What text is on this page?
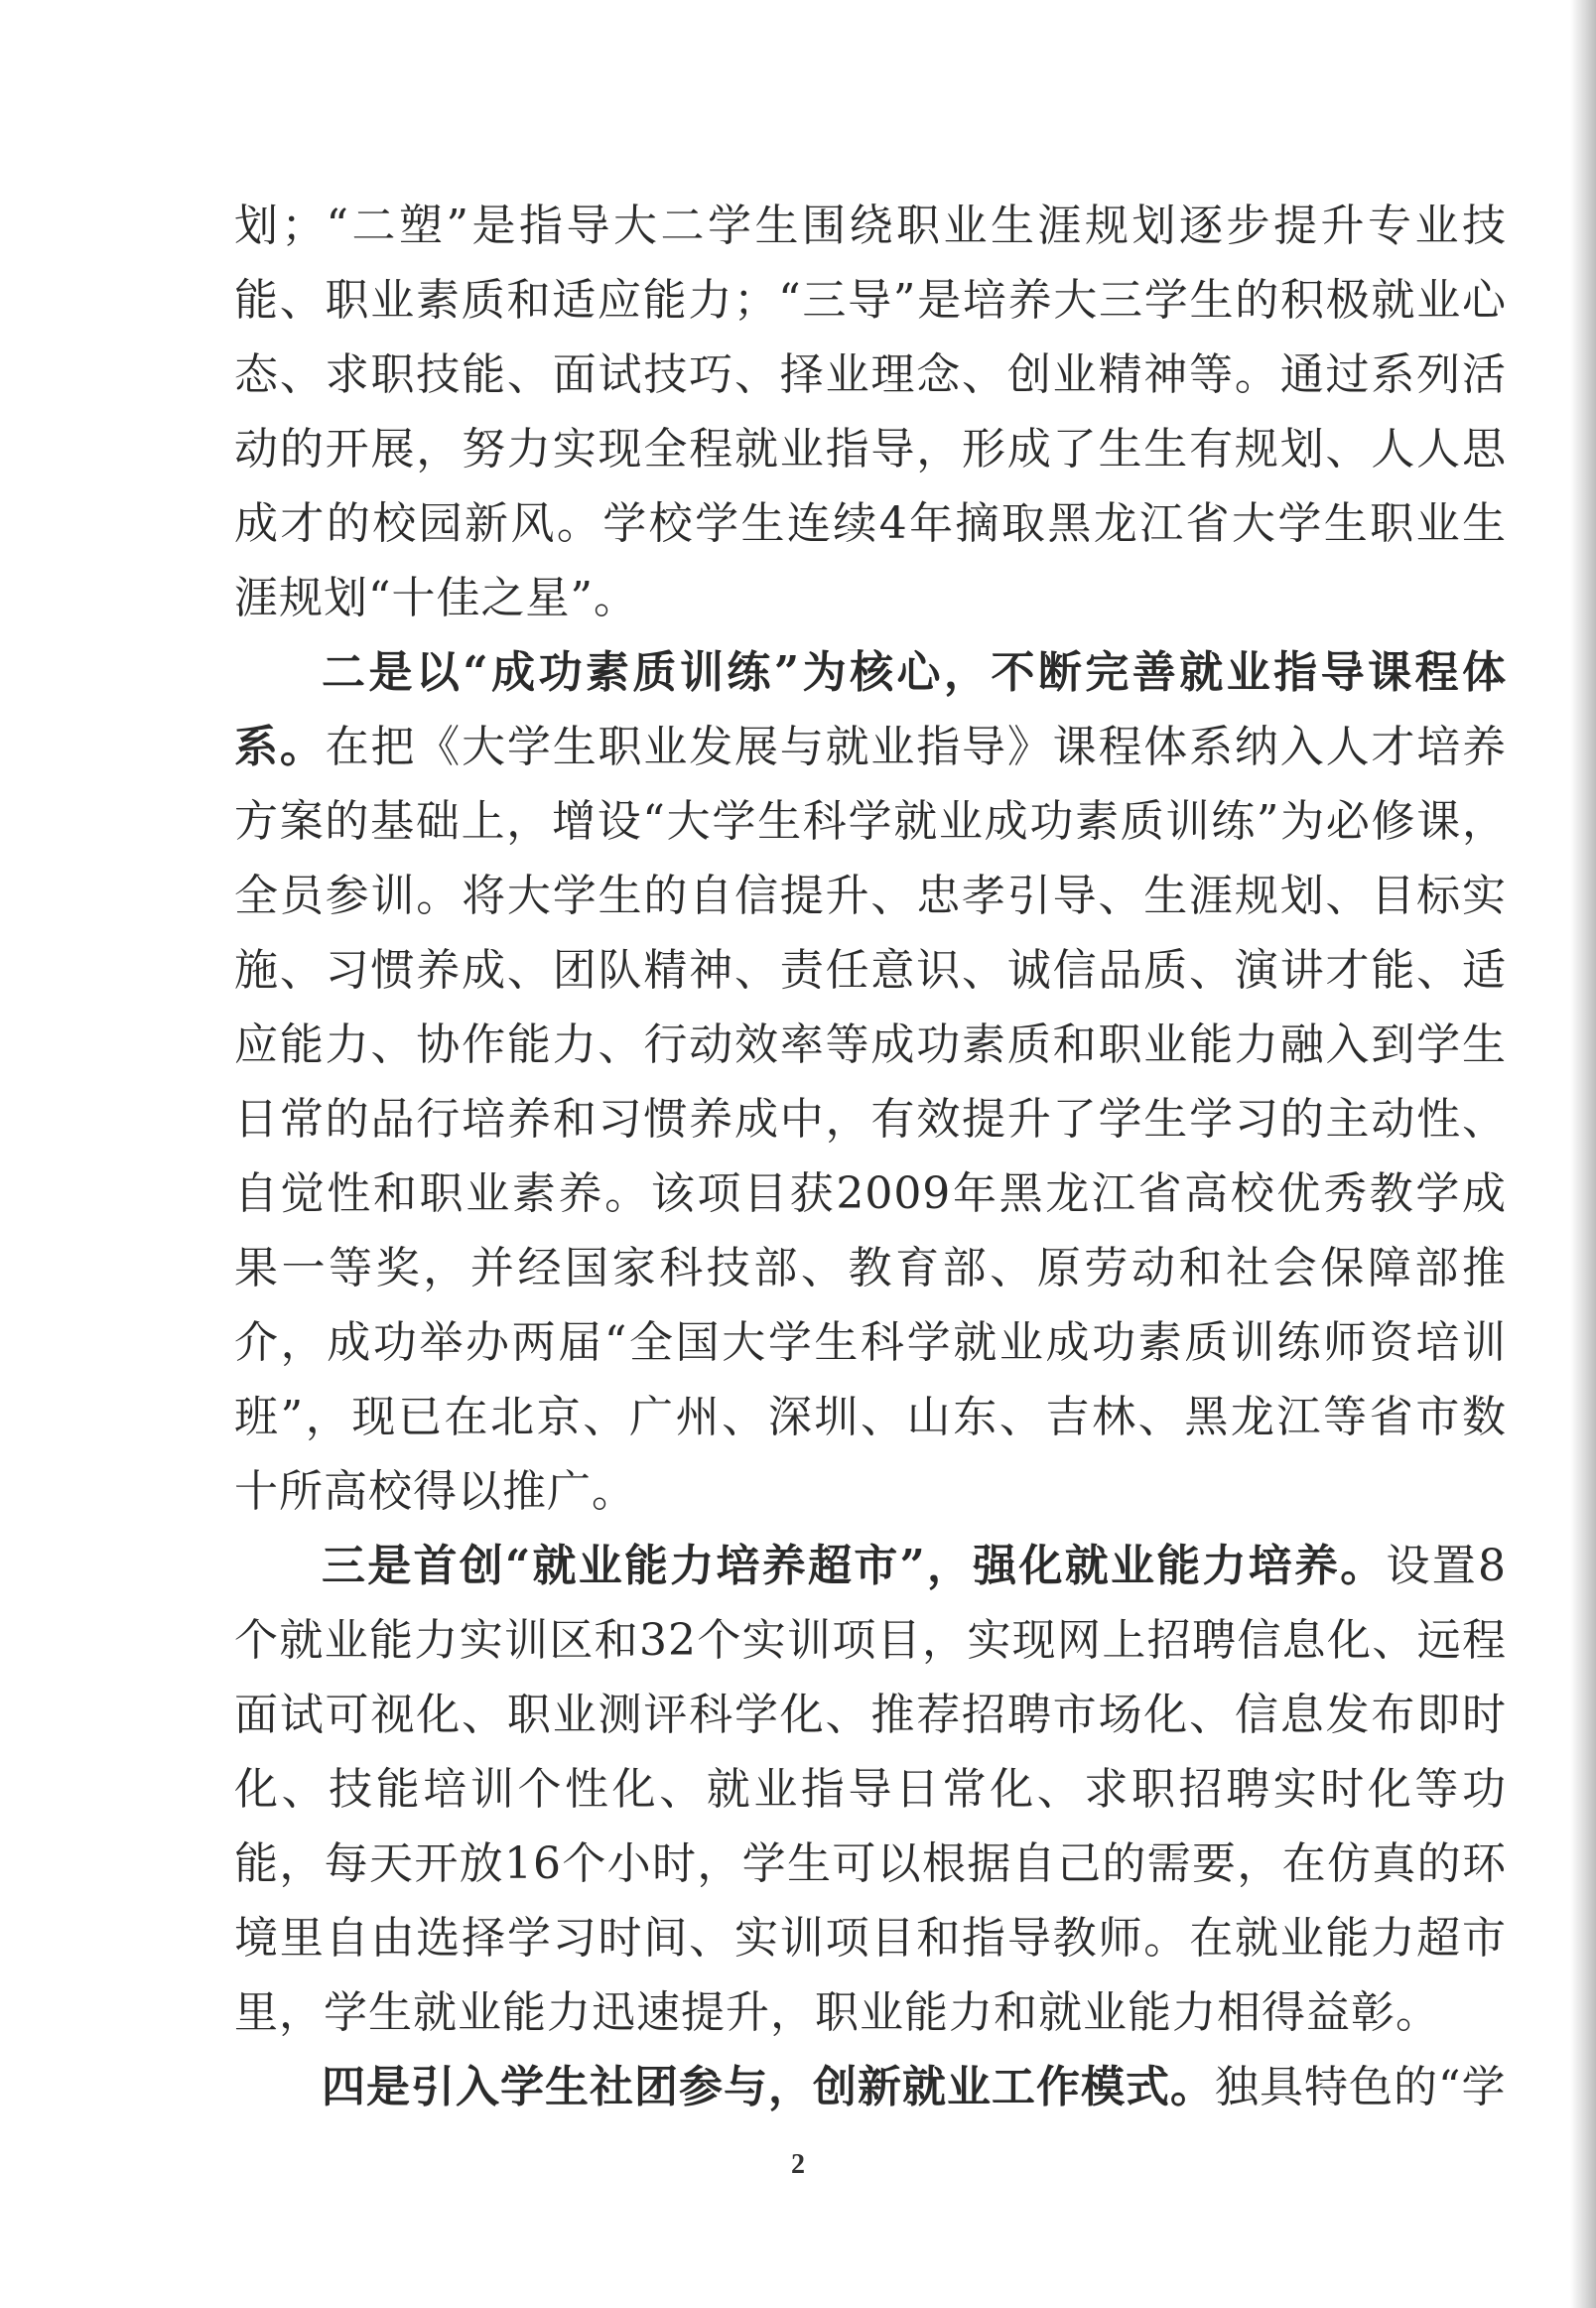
划；“二塑”是指导大二学生围绕职业生涯规划逐步提升专业技能、职业素质和适应能力；“三导”是培养大三学生的积极就业心态、求职技能、面试技巧、择业理念、创业精神等。通过系列活动的开展，努力实现全程就业指导，形成了生生有规划、人人思成才的校园新风。学校学生连续4年摘取黑龙江省大学生职业生涯规划“十佳之星”。

二是以“成功素质训练”为核心，不断完善就业指导课程体系。在把《大学生职业发展与就业指导》课程体系纳入人才培养方案的基础上，增设“大学生科学就业成功素质训练”为必修课，全员参训。将大学生的自信提升、忠孝引导、生涯规划、目标实施、习惯养成、团队精神、责任意识、诚信品质、演讲才能、适应能力、协作能力、行动效率等成功素质和职业能力融入到学生日常的品行培养和习惯养成中，有效提升了学生学习的主动性、自觉性和职业素养。该项目获2009年黑龙江省高校优秀教学成果一等奖，并经国家科技部、教育部、原劳动和社会保障部推介，成功举办两届“全国大学生科学就业成功素质训练师资培训班”，现已在北京、广州、深圳、山东、吉林、黑龙江等省市数十所高校得以推广。

三是首创“就业能力培养超市”，强化就业能力培养。设置8个就业能力实训区和32个实训项目，实现网上招聘信息化、远程面试可视化、职业测评科学化、推荐招聘市场化、信息发布即时化、技能培训个性化、就业指导日常化、求职招聘实时化等功能，每天开放16个小时，学生可以根据自己的需要，在仿真的环境里自由选择学习时间、实训项目和指导教师。在就业能力超市里，学生就业能力迅速提升，职业能力和就业能力相得益彰。

四是引入学生社团参与，创新就业工作模式。独具特色的“学

2
